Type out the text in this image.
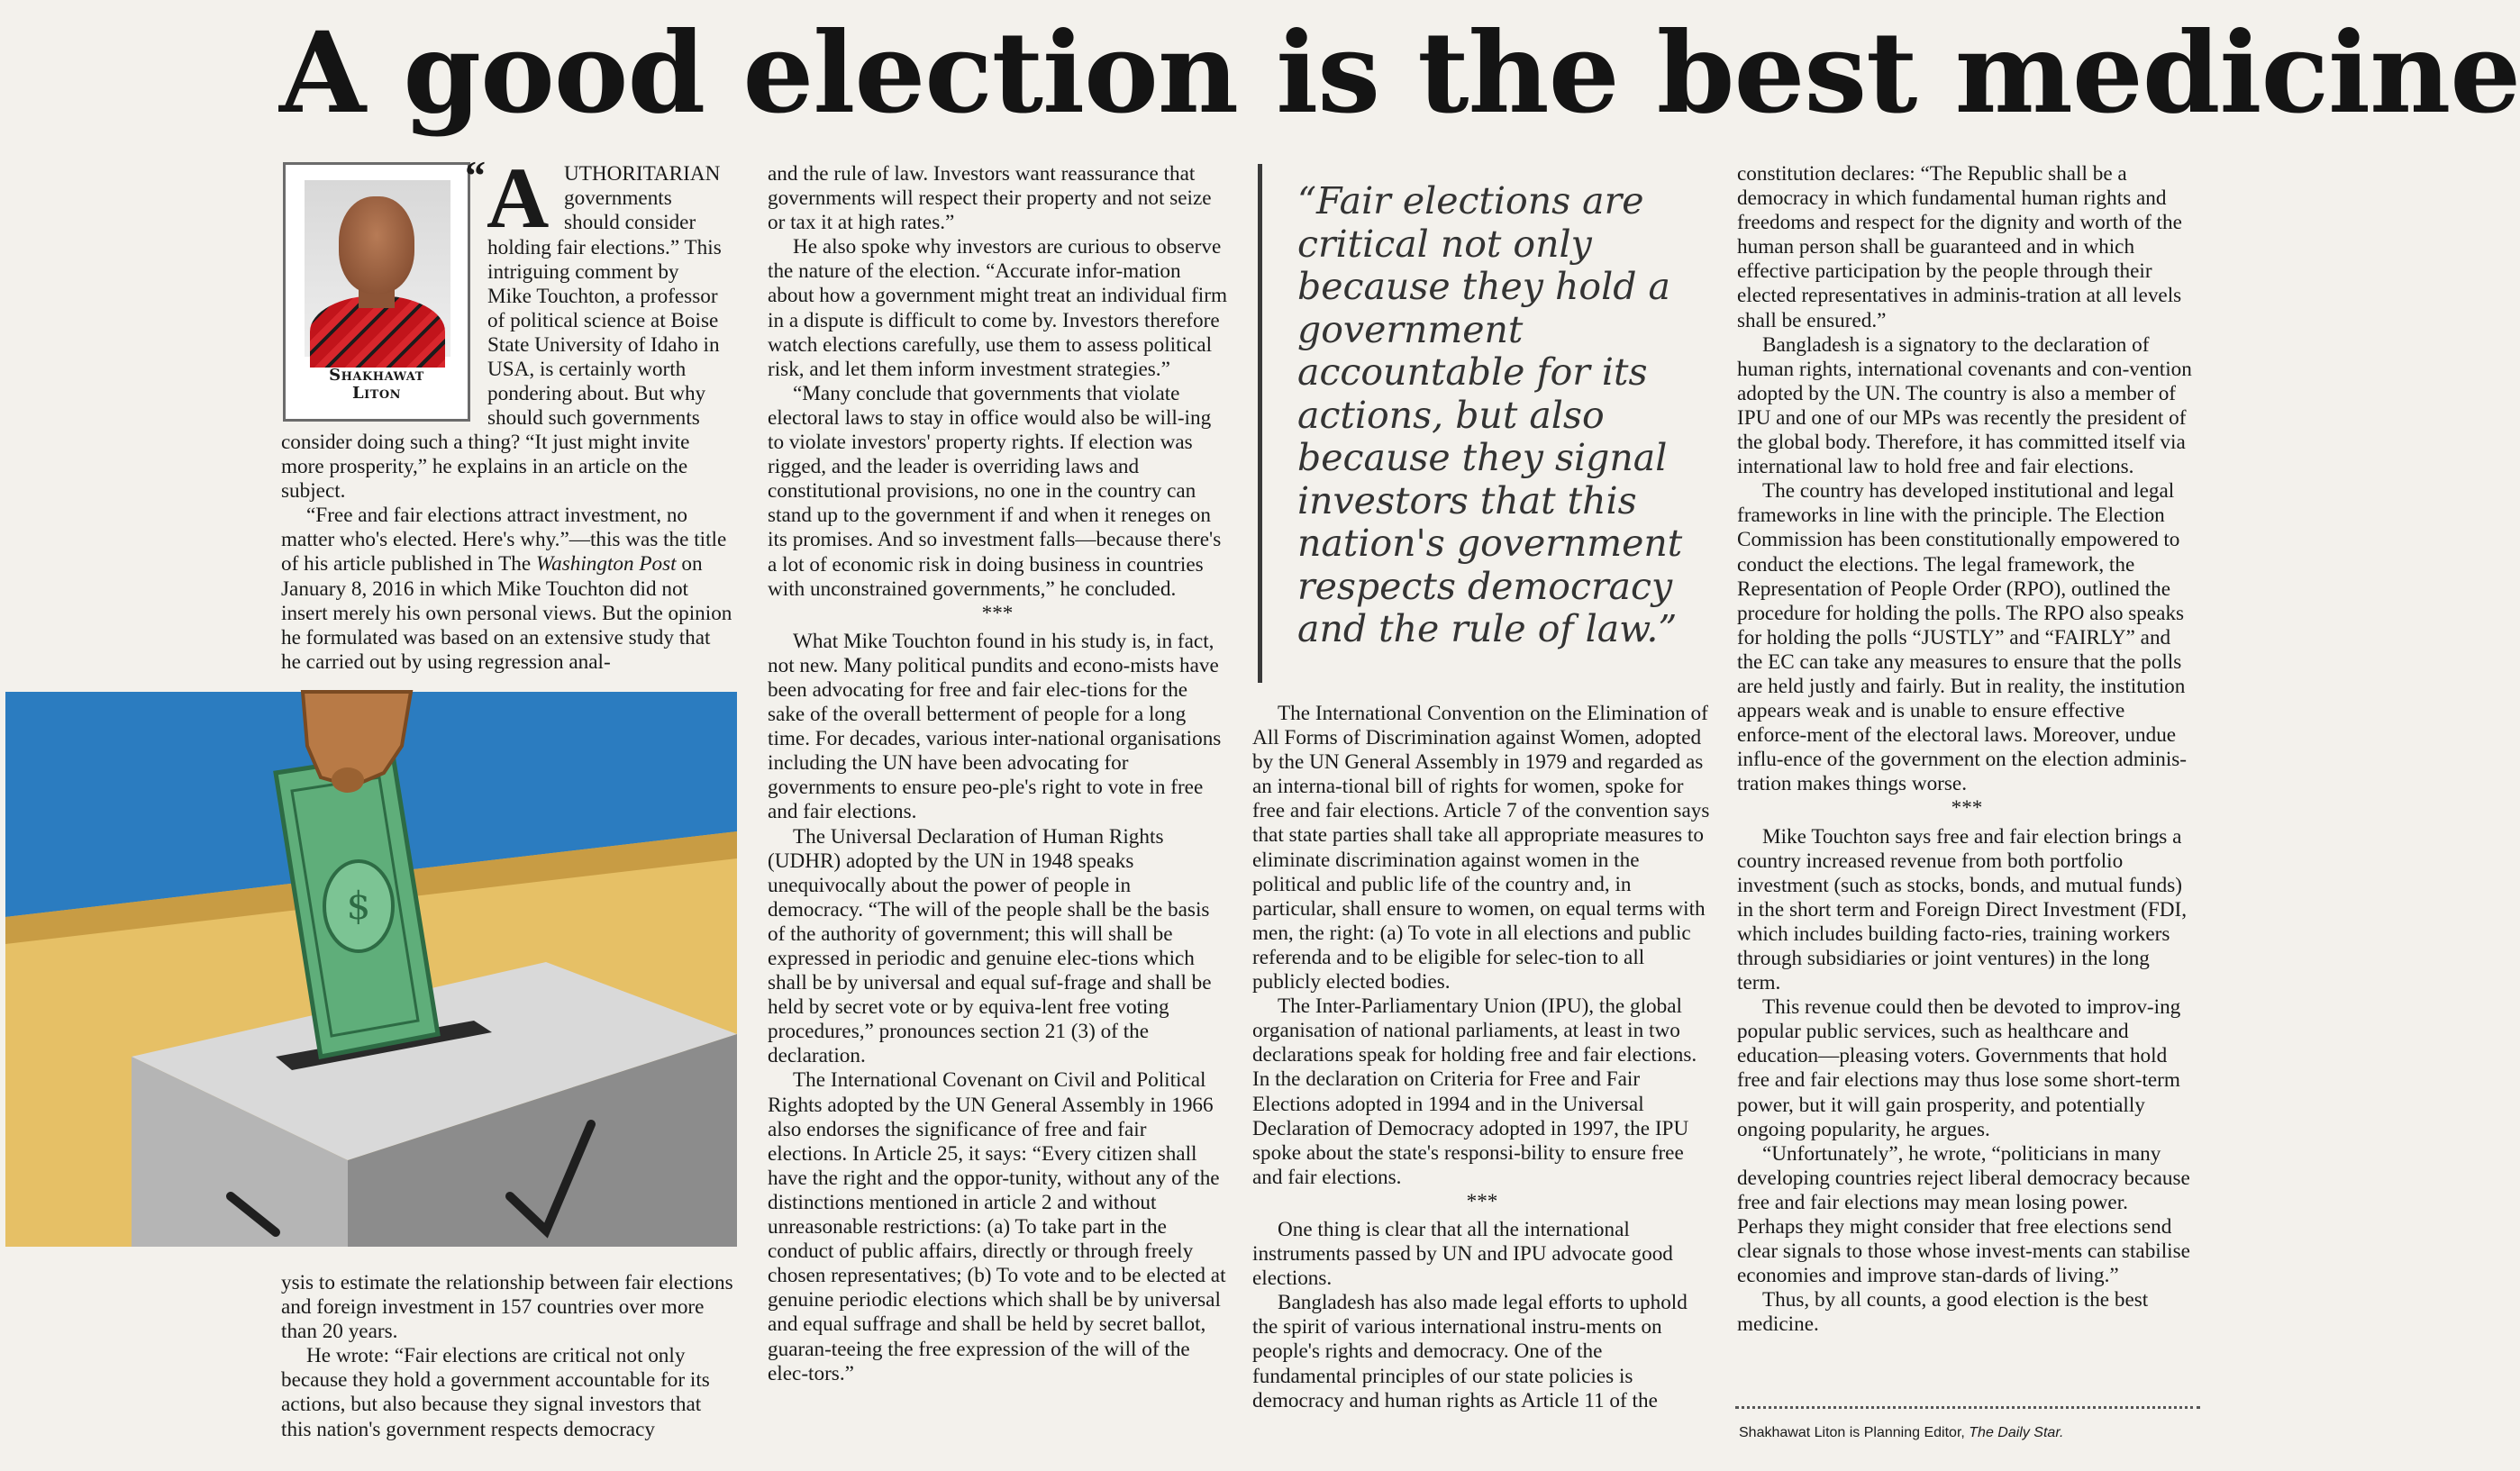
A good election is the best medicine
Shakhawat
Liton
A
“	UTHORITARIAN
governments
should consider
holding fair elections.” This
intriguing comment by
Mike Touchton, a professor
of political science at Boise
State University of Idaho in
USA, is certainly worth
pondering about. But why
should such governments

consider doing such a thing? “It just might invite more prosperity,” he explains in an article on the subject.

“Free and fair elections attract investment, no matter who's elected. Here's why.”—this was the title of his article published in The Washington Post on January 8, 2016 in which Mike Touchton did not insert merely his own personal views. But the opinion he formulated was based on an extensive study that he carried out by using regression anal-

$

ysis to estimate the relationship between fair elections and foreign investment in 157 countries over more than 20 years.

He wrote: “Fair elections are critical not only because they hold a government accountable for its actions, but also because they signal investors that this nation's government respects democracy

and the rule of law. Investors want reassurance that governments will respect their property and not seize or tax it at high rates.”

He also spoke why investors are curious to observe the nature of the election. “Accurate infor-mation about how a government might treat an individual firm in a dispute is difficult to come by. Investors therefore watch elections carefully, use them to assess political risk, and let them inform investment strategies.”

“Many conclude that governments that violate electoral laws to stay in office would also be will-ing to violate investors' property rights. If election was rigged, and the leader is overriding laws and constitutional provisions, no one in the country can stand up to the government if and when it reneges on its promises. And so investment falls—because there's a lot of economic risk in doing business in countries with unconstrained governments,” he concluded.

***

What Mike Touchton found in his study is, in fact, not new. Many political pundits and econo-mists have been advocating for free and fair elec-tions for the sake of the overall betterment of people for a long time. For decades, various inter-national organisations including the UN have been advocating for governments to ensure peo-ple's right to vote in free and fair elections.

The Universal Declaration of Human Rights (UDHR) adopted by the UN in 1948 speaks unequivocally about the power of people in democracy. “The will of the people shall be the basis of the authority of government; this will shall be expressed in periodic and genuine elec-tions which shall be by universal and equal suf-frage and shall be held by secret vote or by equiva-lent free voting procedures,” pronounces section 21 (3) of the declaration.

The International Covenant on Civil and Political Rights adopted by the UN General Assembly in 1966 also endorses the significance of free and fair elections. In Article 25, it says: “Every citizen shall have the right and the oppor-tunity, without any of the distinctions mentioned in article 2 and without unreasonable restrictions: (a) To take part in the conduct of public affairs, directly or through freely chosen representatives; (b) To vote and to be elected at genuine periodic elections which shall be by universal and equal suffrage and shall be held by secret ballot, guaran-teeing the free expression of the will of the elec-tors.”

“Fair elections are critical not only because they hold a government accountable for its actions, but also because they signal investors that this nation's government respects democracy and the rule of law.”

The International Convention on the Elimination of All Forms of Discrimination against Women, adopted by the UN General Assembly in 1979 and regarded as an interna-tional bill of rights for women, spoke for free and fair elections. Article 7 of the convention says that state parties shall take all appropriate measures to eliminate discrimination against women in the political and public life of the country and, in particular, shall ensure to women, on equal terms with men, the right: (a) To vote in all elections and public referenda and to be eligible for selec-tion to all publicly elected bodies.

The Inter-Parliamentary Union (IPU), the global organisation of national parliaments, at least in two declarations speak for holding free and fair elections. In the declaration on Criteria for Free and Fair Elections adopted in 1994 and in the Universal Declaration of Democracy adopted in 1997, the IPU spoke about the state's responsi-bility to ensure free and fair elections.

***

One thing is clear that all the international instruments passed by UN and IPU advocate good elections.

Bangladesh has also made legal efforts to uphold the spirit of various international instru-ments on people's rights and democracy. One of the fundamental principles of our state policies is democracy and human rights as Article 11 of the

constitution declares: “The Republic shall be a democracy in which fundamental human rights and freedoms and respect for the dignity and worth of the human person shall be guaranteed and in which effective participation by the people through their elected representatives in adminis-tration at all levels shall be ensured.”

Bangladesh is a signatory to the declaration of human rights, international covenants and con-vention adopted by the UN. The country is also a member of IPU and one of our MPs was recently the president of the global body. Therefore, it has committed itself via international law to hold free and fair elections.

The country has developed institutional and legal frameworks in line with the principle. The Election Commission has been constitutionally empowered to conduct the elections. The legal framework, the Representation of People Order (RPO), outlined the procedure for holding the polls. The RPO also speaks for holding the polls “JUSTLY” and “FAIRLY” and the EC can take any measures to ensure that the polls are held justly and fairly. But in reality, the institution appears weak and is unable to ensure effective enforce-ment of the electoral laws. Moreover, undue influ-ence of the government on the election adminis-tration makes things worse.

***

Mike Touchton says free and fair election brings a country increased revenue from both portfolio investment (such as stocks, bonds, and mutual funds) in the short term and Foreign Direct Investment (FDI, which includes building facto-ries, training workers through subsidiaries or joint ventures) in the long term.

This revenue could then be devoted to improv-ing popular public services, such as healthcare and education—pleasing voters. Governments that hold free and fair elections may thus lose some short-term power, but it will gain prosperity, and potentially ongoing popularity, he argues.

“Unfortunately”, he wrote, “politicians in many developing countries reject liberal democracy because free and fair elections may mean losing power. Perhaps they might consider that free elections send clear signals to those whose invest-ments can stabilise economies and improve stan-dards of living.”

Thus, by all counts, a good election is the best medicine.

Shakhawat Liton is Planning Editor, The Daily Star.
